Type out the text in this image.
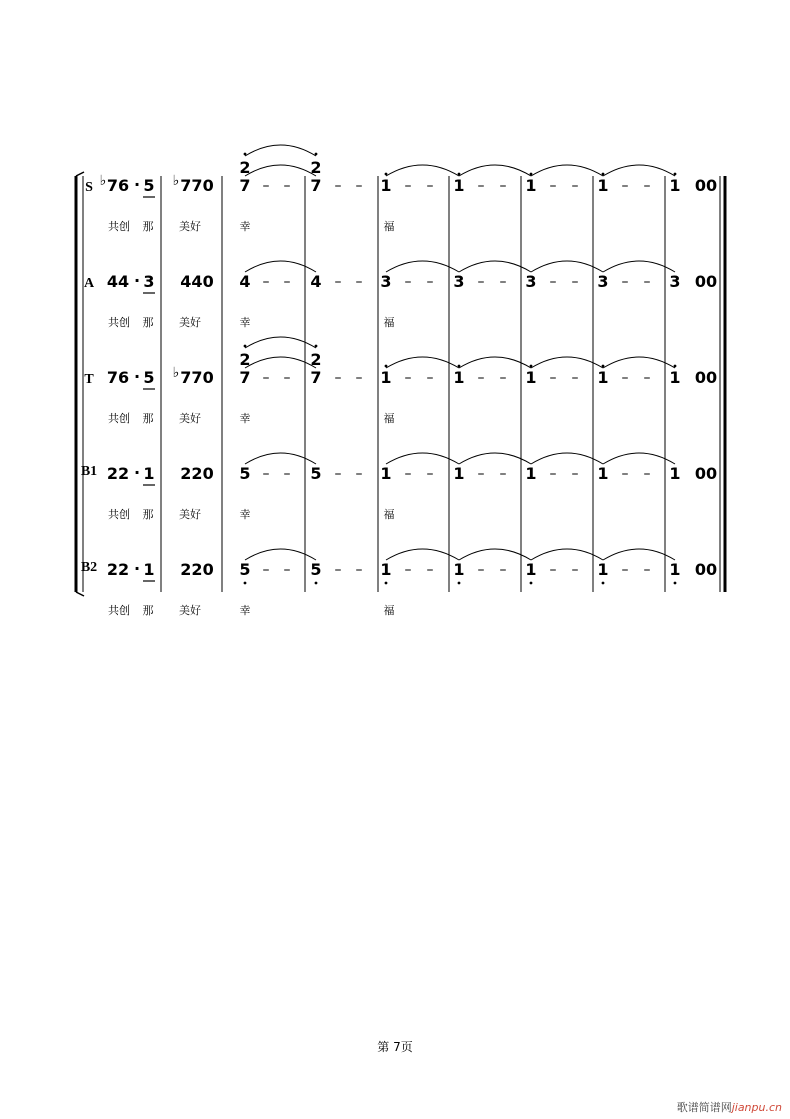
S ♭ 76 · 5 ♭ 770 7 – – 7 – –
2	2
1 – – 1 – – 1 – – 1 – – 1 00
共创 那 美好	幸	福
A 44 · 3 440 4 – – 4 – – 3 – – 3 – – 3 – – 3 – – 3 00
共创 那 美好	幸	福
T 76 · 5 ♭ 770 7 – – 7 – –
2	2
1 – – 1 – – 1 – – 1 – – 1 00
共创 那 美好	幸	福
B1 22 · 1 220 5 – – 5 – – 1 – – 1 – – 1 – – 1 – – 1 00
共创 那 美好	幸	福
B2 22 · 1 220 5 – – 5 – – 1 – – 1 – – 1 – – 1 – – 1 00
共创 那 美好	幸	福
第 7页
歌谱简谱网jianpu.cn
